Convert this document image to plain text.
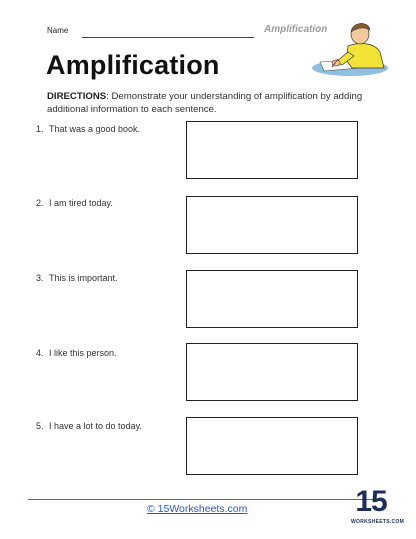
Name	Amplification
Amplification
DIRECTIONS: Demonstrate your understanding of amplification by adding additional information to each sentence.
1. That was a good book.
2. I am tired today.
3. This is important.
4. I like this person.
5. I have a lot to do today.
© 15Worksheets.com	15
WORKSHEETS.COM
